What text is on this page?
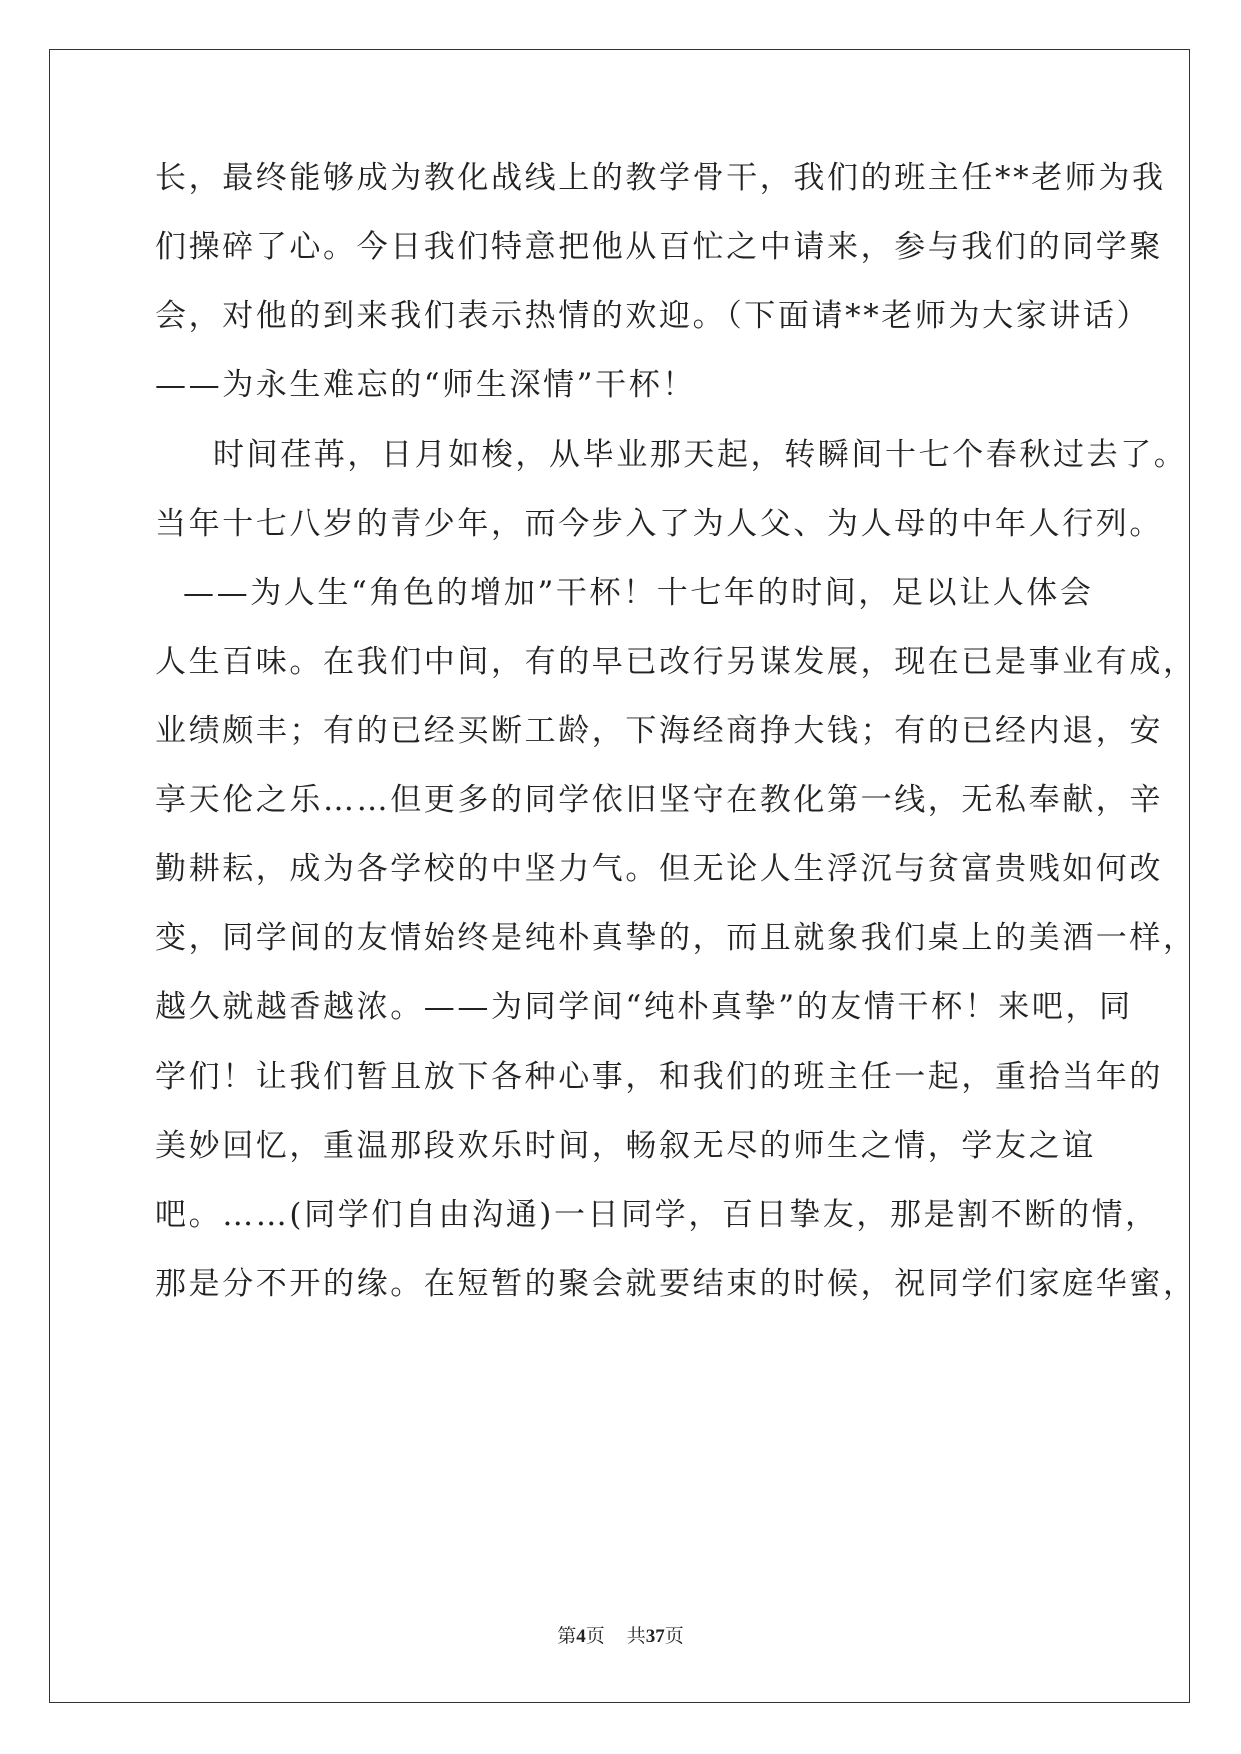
长，最终能够成为教化战线上的教学骨干，我们的班主任**老师为我
们操碎了心。今日我们特意把他从百忙之中请来，参与我们的同学聚
会，对他的到来我们表示热情的欢迎。（下面请**老师为大家讲话）
——为永生难忘的“师生深情”干杯！
时间荏苒，日月如梭，从毕业那天起，转瞬间十七个春秋过去了。
当年十七八岁的青少年，而今步入了为人父、为人母的中年人行列。
——为人生“角色的增加”干杯！十七年的时间，足以让人体会
人生百味。在我们中间，有的早已改行另谋发展，现在已是事业有成，
业绩颇丰；有的已经买断工龄，下海经商挣大钱；有的已经内退，安
享天伦之乐……但更多的同学依旧坚守在教化第一线，无私奉献，辛
勤耕耘，成为各学校的中坚力气。但无论人生浮沉与贫富贵贱如何改
变，同学间的友情始终是纯朴真挚的，而且就象我们桌上的美酒一样，
越久就越香越浓。——为同学间“纯朴真挚”的友情干杯！来吧，同
学们！让我们暂且放下各种心事，和我们的班主任一起，重拾当年的
美妙回忆，重温那段欢乐时间，畅叙无尽的师生之情，学友之谊
吧。……(同学们自由沟通)一日同学，百日挚友，那是割不断的情，
那是分不开的缘。在短暂的聚会就要结束的时候，祝同学们家庭华蜜，
第4页 共37页
